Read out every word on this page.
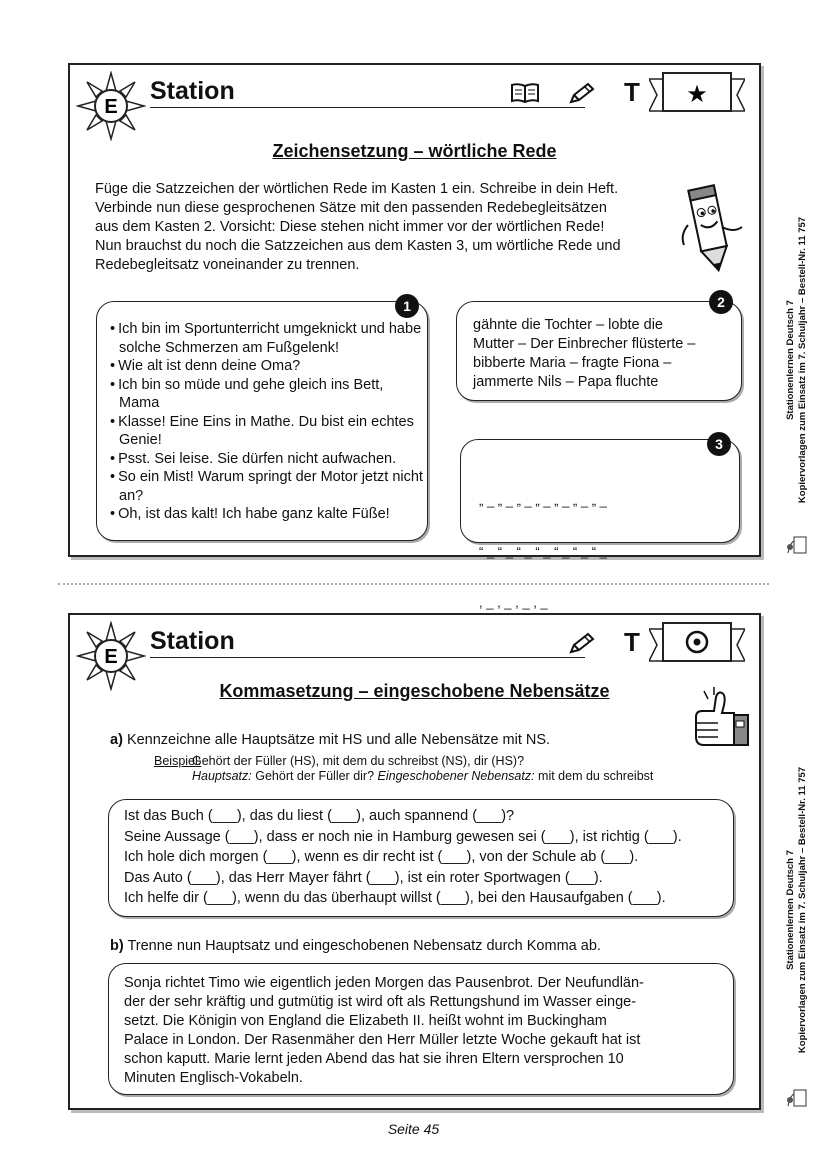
E
Station	T ★
Zeichensetzung – wörtliche Rede
Füge die Satzzeichen der wörtlichen Rede im Kasten 1 ein. Schreibe in dein Heft.
Verbinde nun diese gesprochenen Sätze mit den passenden Redebegleitsätzen
aus dem Kasten 2. Vorsicht: Diese stehen nicht immer vor der wörtlichen Rede!
Nun brauchst du noch die Satzzeichen aus dem Kasten 3, um wörtliche Rede und
Redebegleitsatz voneinander zu trennen.
1
• Ich bin im Sportunterricht umgeknickt und habe solche Schmerzen am Fußgelenk!
• Wie alt ist denn deine Oma?
• Ich bin so müde und gehe gleich ins Bett, Mama
• Klasse! Eine Eins in Mathe. Du bist ein echtes Genie!
• Psst. Sei leise. Sie dürfen nicht aufwachen.
• So ein Mist! Warum springt der Motor jetzt nicht an?
• Oh, ist das kalt! Ich habe ganz kalte Füße!
2
gähnte die Tochter – lobte die
Mutter – Der Einbrecher flüsterte –
bibberte Maria – fragte Fiona –
jammerte Nils – Papa fluchte
3

„ _ „ _ „ _ „ _ „ _ „ _ „ _

“ _ “ _ “ _ “ _ “ _ “ _ “ _

, _ , _ , _ , _

E
Station	T
Kommasetzung – eingeschobene Nebensätze
a) Kennzeichne alle Hauptsätze mit HS und alle Nebensätze mit NS.
Beispiel:
Gehört der Füller (HS), mit dem du schreibst (NS), dir (HS)?
Hauptsatz: Gehört der Füller dir? Eingeschobener Nebensatz: mit dem du schreibst
Ist das Buch (___), das du liest (___), auch spannend (___)?
Seine Aussage (___), dass er noch nie in Hamburg gewesen sei (___), ist richtig (___).
Ich hole dich morgen (___), wenn es dir recht ist (___), von der Schule ab (___).
Das Auto (___), das Herr Mayer fährt (___), ist ein roter Sportwagen (___).
Ich helfe dir (___), wenn du das überhaupt willst (___), bei den Hausaufgaben (___).
b) Trenne nun Hauptsatz und eingeschobenen Nebensatz durch Komma ab.
Sonja richtet Timo wie eigentlich jeden Morgen das Pausenbrot. Der Neufundlän-
der der sehr kräftig und gutmütig ist wird oft als Rettungshund im Wasser einge-
setzt. Die Königin von England die Elizabeth II. heißt wohnt im Buckingham
Palace in London. Der Rasenmäher den Herr Müller letzte Woche gekauft hat ist
schon kaputt. Marie lernt jeden Abend das hat sie ihren Eltern versprochen 10
Minuten Englisch-Vokabeln.
Stationenlernen Deutsch 7 Kopiervorlagen zum Einsatz im 7. Schuljahr – Bestell-Nr. 11 757
Stationenlernen Deutsch 7 Kopiervorlagen zum Einsatz im 7. Schuljahr – Bestell-Nr. 11 757
Seite 45
